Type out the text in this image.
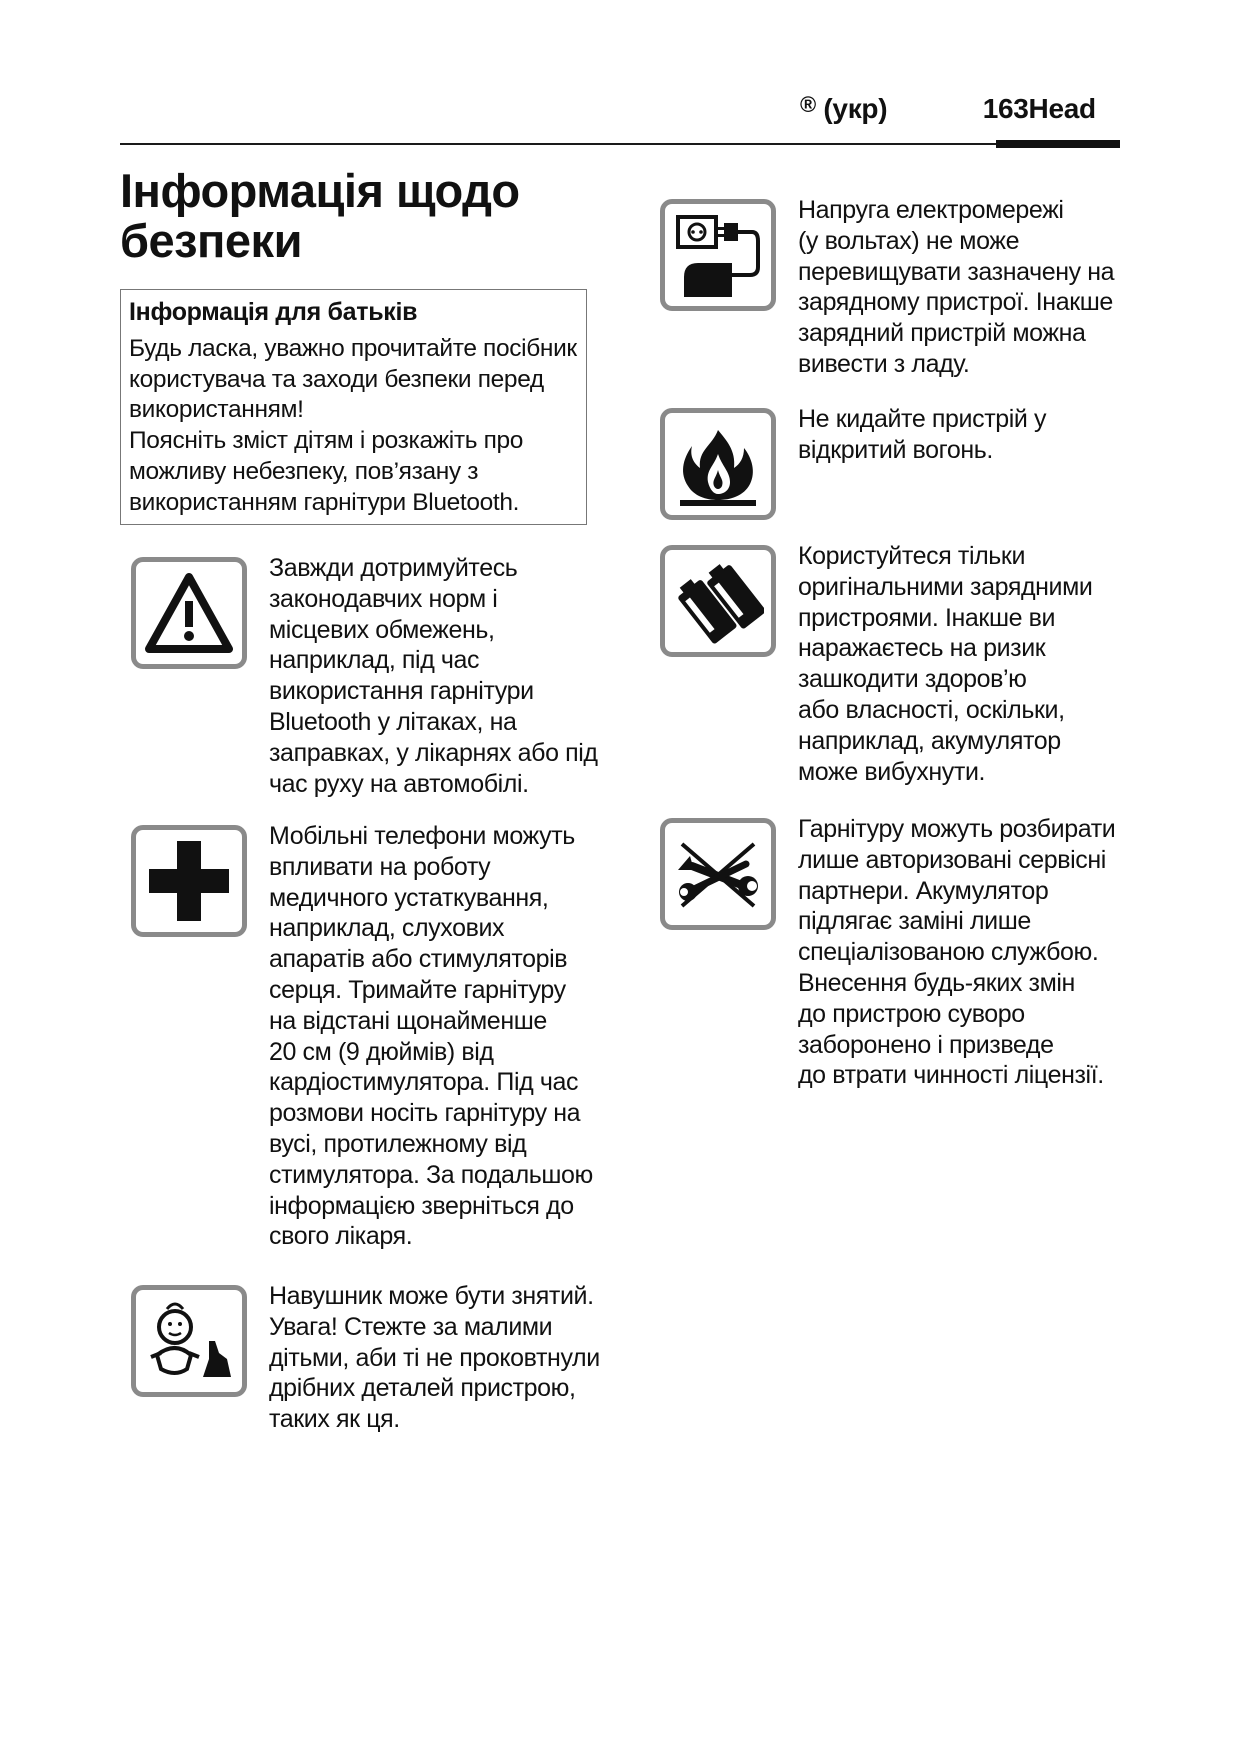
® (укр)	163Head
Інформація щодо безпеки
Інформація для батьків

Будь ласка, уважно прочитайте посібник користувача та заходи безпеки перед використанням!
Поясніть зміст дітям і розкажіть про можливу небезпеку, пов’язану з використанням гарнітури Bluetooth.

Завжди дотримуйтесь
законодавчих норм і
місцевих обмежень,
наприклад, під час
використання гарнітури
Bluetooth у літаках, на
заправках, у лікарнях або під
час руху на автомобілі.
Мобільні телефони можуть
впливати на роботу
медичного устаткування,
наприклад, слухових
апаратів або стимуляторів
серця. Тримайте гарнітуру
на відстані щонайменше
20 см (9 дюймів) від
кардіостимулятора. Під час
розмови носіть гарнітуру на
вусі, протилежному від
стимулятора. За подальшою
інформацією зверніться до
свого лікаря.
Навушник може бути знятий.
Увага! Стежте за малими
дітьми, аби ті не проковтнули
дрібних деталей пристрою,
таких як ця.
Напруга електромережі
(у вольтах) не може
перевищувати зазначену на
зарядному пристрої. Інакше
зарядний пристрій можна
вивести з ладу.
Не кидайте пристрій у
відкритий вогонь.
Користуйтеся тільки
оригінальними зарядними
пристроями. Інакше ви
наражаєтесь на ризик
зашкодити здоров’ю
або власності, оскільки,
наприклад, акумулятор
може вибухнути.
Гарнітуру можуть розбирати
лише авторизовані сервісні
партнери. Акумулятор
підлягає заміні лише
спеціалізованою службою.
Внесення будь-яких змін
до пристрою суворо
заборонено і призведе
до втрати чинності ліцензії.
